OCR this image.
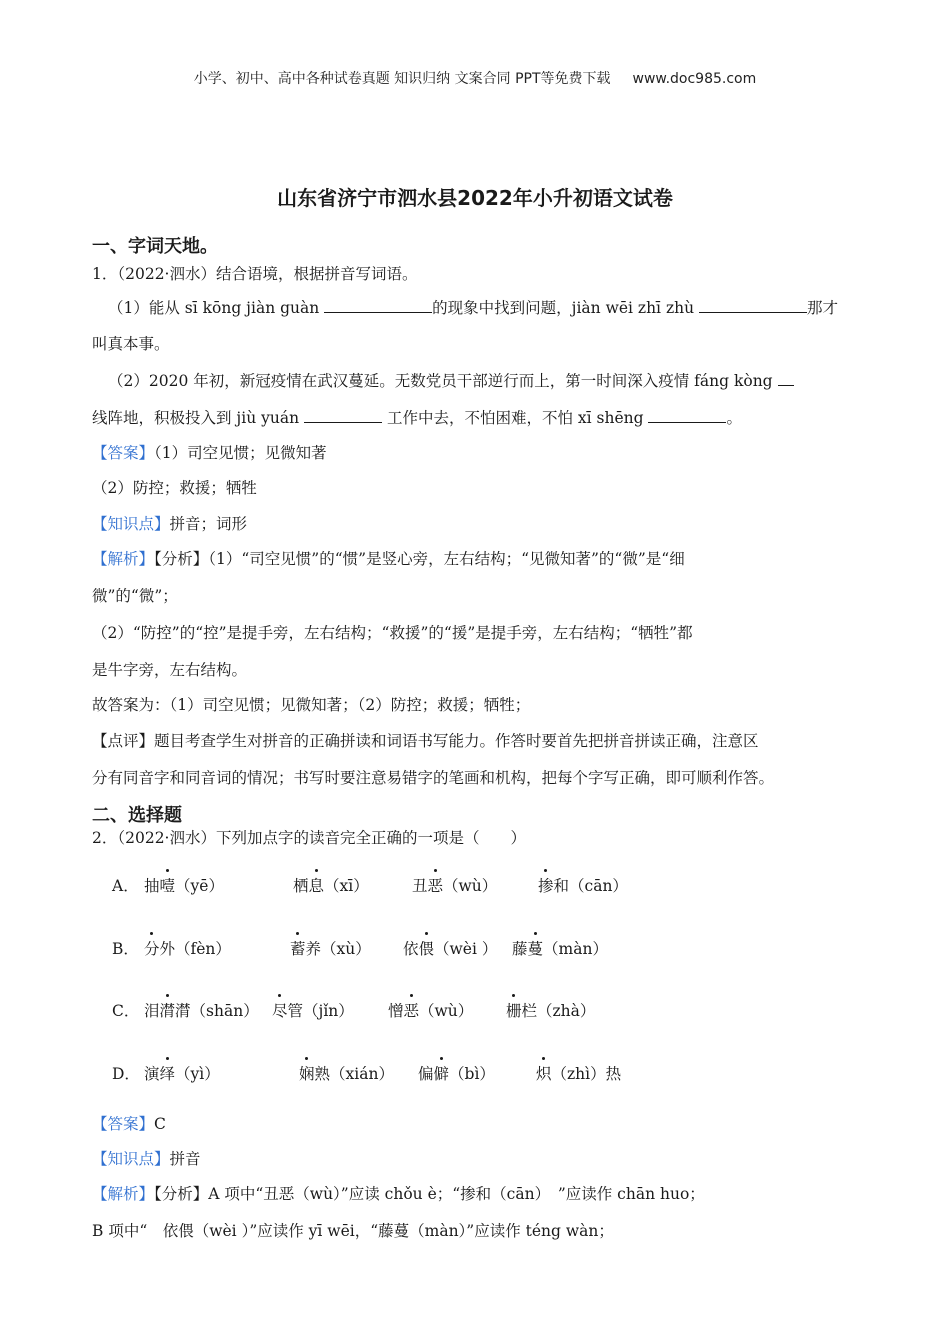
小学、初中、高中各种试卷真题 知识归纳 文案合同 PPT等免费下载 www.doc985.com
山东省济宁市泗水县2022年小升初语文试卷
一、字词天地。
1．（2022·泗水）结合语境，根据拼音写词语。
（1）能从 sī kōng jiàn guàn	的现象中找到问题，jiàn wēi zhī zhù	那才
叫真本事。
（2）2020 年初，新冠疫情在武汉蔓延。无数党员干部逆行而上，第一时间深入疫情 fáng kòng
线阵地，积极投入到 jiù yuán	工作中去，不怕困难，不怕 xī shēng	。
【答案】（1）司空见惯；见微知著
（2）防控；救援；牺牲
【知识点】拼音；词形
【解析】【分析】（1）“司空见惯”的“惯”是竖心旁，左右结构；“见微知著”的“微”是“细
微”的“微”；
（2）“防控”的“控”是提手旁，左右结构；“救援”的“援”是提手旁，左右结构；“牺牲”都
是牛字旁，左右结构。
故答案为：（1）司空见惯；见微知著；（2）防控；救援；牺牲；
【点评】题目考查学生对拼音的正确拼读和词语书写能力。作答时要首先把拼音拼读正确，注意区
分有同音字和同音词的情况；书写时要注意易错字的笔画和机构，把每个字写正确，即可顺利作答。
二、选择题
2．（2022·泗水）下列加点字的读音完全正确的一项是（　　）
A． 抽噎（yē）	栖息（xī）	丑恶（wù）	掺和（cān）
B． 分外（fèn）	蓄养（xù） 依偎（wèi ） 藤蔓（màn）
C． 泪潸潸（shān） 尽管（jǐn） 憎恶（wù） 栅栏（zhà）
D． 演绎（yì）	娴熟（xián） 偏僻（bì）	炽（zhì）热
【答案】C
【知识点】拼音
【解析】【分析】A 项中“丑恶（wù）”应读 chǒu è；“掺和（cān）　”应读作 chān huo；
B 项中“　依偎（wèi ）”应读作 yī wēi，“藤蔓（màn）”应读作 téng wàn；
